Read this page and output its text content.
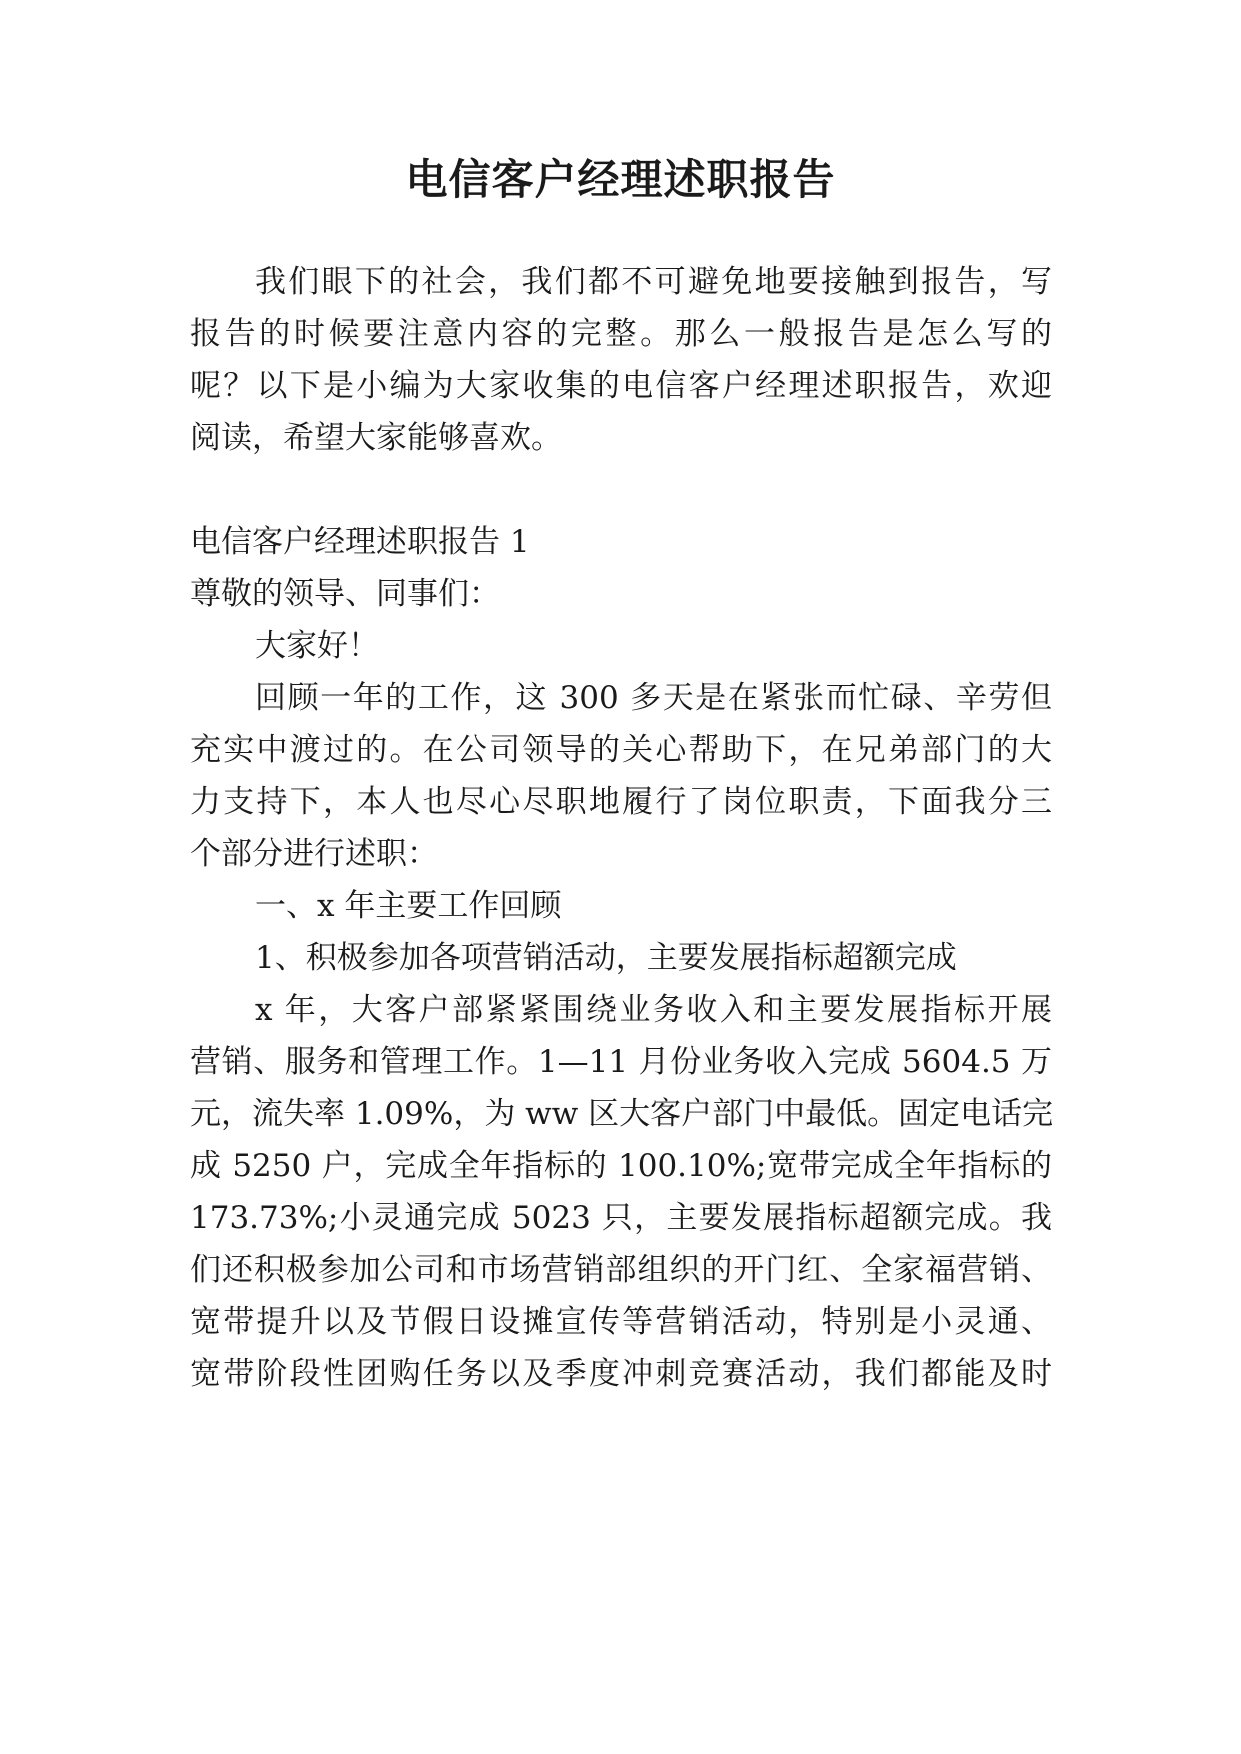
电信客户经理述职报告
我们眼下的社会，我们都不可避免地要接触到报告，写
报告的时候要注意内容的完整。那么一般报告是怎么写的
呢？以下是小编为大家收集的电信客户经理述职报告，欢迎
阅读，希望大家能够喜欢。
电信客户经理述职报告 1
尊敬的领导、同事们：
大家好！
回顾一年的工作，这 300 多天是在紧张而忙碌、辛劳但
充实中渡过的。在公司领导的关心帮助下，在兄弟部门的大
力支持下，本人也尽心尽职地履行了岗位职责，下面我分三
个部分进行述职：
一、x 年主要工作回顾
1、积极参加各项营销活动，主要发展指标超额完成
x 年，大客户部紧紧围绕业务收入和主要发展指标开展
营销、服务和管理工作。1—11 月份业务收入完成 5604.5 万
元，流失率 1.09%，为 ww 区大客户部门中最低。固定电话完
成 5250 户，完成全年指标的 100.10%;宽带完成全年指标的
173.73%;小灵通完成 5023 只，主要发展指标超额完成。我
们还积极参加公司和市场营销部组织的开门红、全家福营销、
宽带提升以及节假日设摊宣传等营销活动，特别是小灵通、
宽带阶段性团购任务以及季度冲刺竞赛活动，我们都能及时
